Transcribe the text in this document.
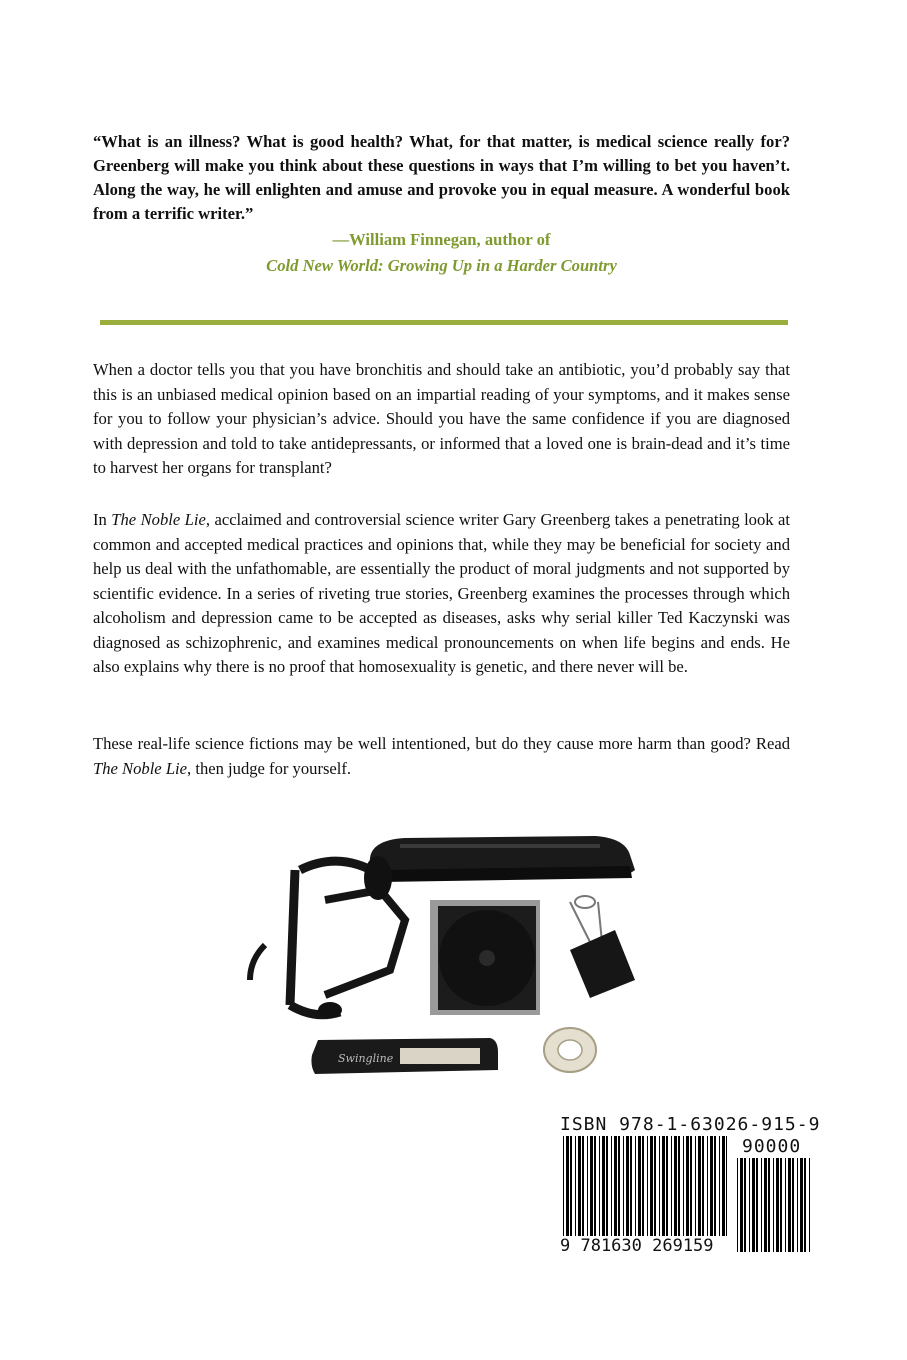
“What is an illness? What is good health? What, for that matter, is medical science really for? Greenberg will make you think about these questions in ways that I’m willing to bet you haven’t. Along the way, he will enlighten and amuse and provoke you in equal measure. A wonderful book from a terrific writer.”

—William Finnegan, author of

Cold New World: Growing Up in a Harder Country

When a doctor tells you that you have bronchitis and should take an antibiotic, you’d probably say that this is an unbiased medical opinion based on an impartial reading of your symptoms, and it makes sense for you to follow your physician’s advice. Should you have the same confidence if you are diagnosed with depression and told to take antidepressants, or informed that a loved one is brain-dead and it’s time to harvest her organs for transplant?

In The Noble Lie, acclaimed and controversial science writer Gary Greenberg takes a penetrating look at common and accepted medical practices and opinions that, while they may be beneficial for society and help us deal with the unfathomable, are essentially the product of moral judgments and not supported by scientific evidence. In a series of riveting true stories, Greenberg examines the processes through which alcoholism and depression came to be accepted as diseases, asks why serial killer Ted Kaczynski was diagnosed as schizophrenic, and examines medical pronouncements on when life begins and ends. He also explains why there is no proof that homosexuality is genetic, and there never will be.

These real-life science fictions may be well intentioned, but do they cause more harm than good? Read The Noble Lie, then judge for yourself.

Swingline
ISBN 978-1-63026-915-9
90000
9 781630 269159
